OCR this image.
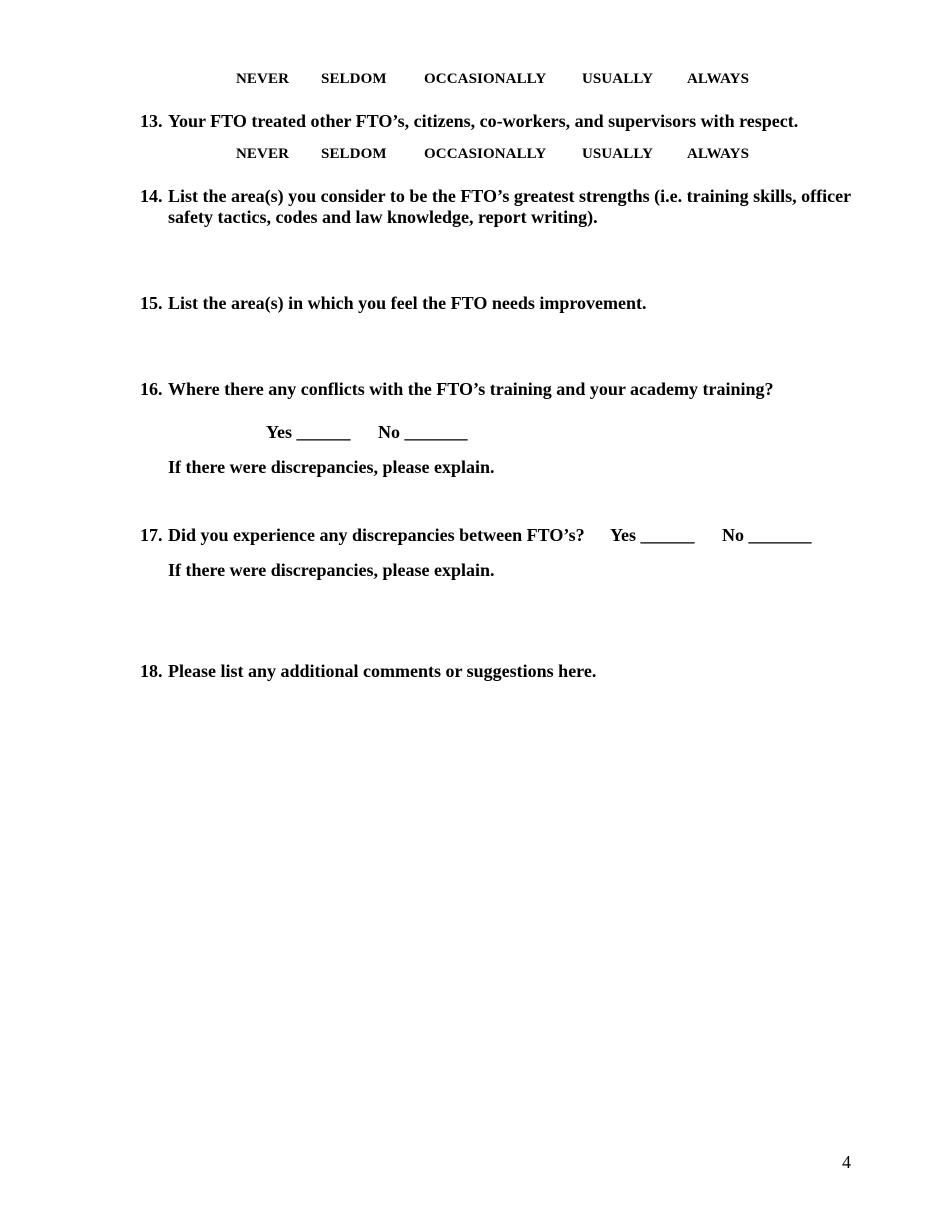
NEVER SELDOM OCCASIONALLY USUALLY ALWAYS
13. Your FTO treated other FTO’s, citizens, co-workers, and supervisors with respect.
NEVER SELDOM OCCASIONALLY USUALLY ALWAYS
14. List the area(s) you consider to be the FTO’s greatest strengths (i.e. training skills, officer safety tactics, codes and law knowledge, report writing).
15. List the area(s) in which you feel the FTO needs improvement.
16. Where there any conflicts with the FTO’s training and your academy training?
Yes ______ No _______
If there were discrepancies, please explain.
17. Did you experience any discrepancies between FTO’s? Yes ______ No _______
If there were discrepancies, please explain.
18. Please list any additional comments or suggestions here.
4
